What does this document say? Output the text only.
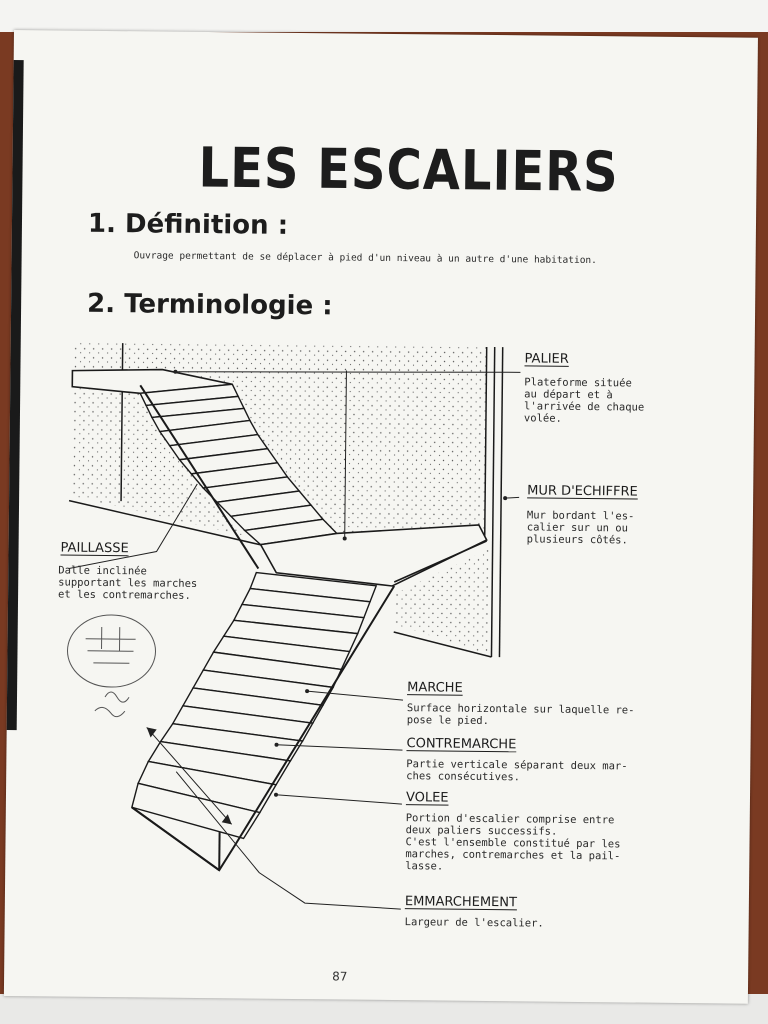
LES ESCALIERS
1. Définition :
Ouvrage permettant de se déplacer à pied d'un niveau à un autre d'une habitation.
2. Terminologie :
PALIER
Plateforme située
au départ et à
l'arrivée de chaque
volée.
MUR D'ECHIFFRE
Mur bordant l'es-
calier sur un ou
plusieurs côtés.
PAILLASSE
Dalle inclinée
supportant les marches
et les contremarches.
MARCHE
Surface horizontale sur laquelle re-
pose le pied.
CONTREMARCHE
Partie verticale séparant deux mar-
ches consécutives.
VOLEE
Portion d'escalier comprise entre
deux paliers successifs.
C'est l'ensemble constitué par les
marches, contremarches et la pail-
lasse.
EMMARCHEMENT
Largeur de l'escalier.
87
